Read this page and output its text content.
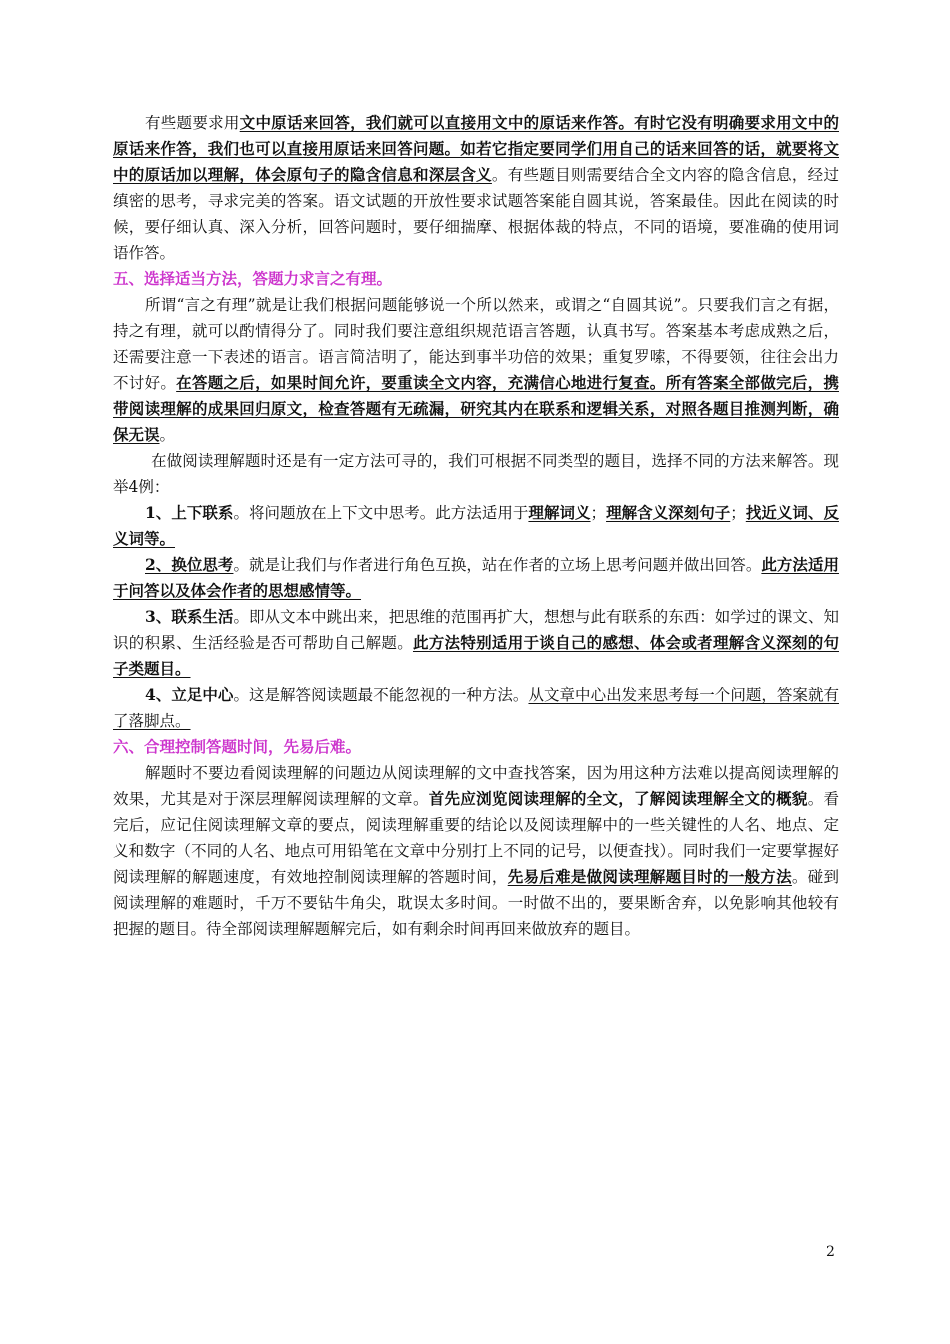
有些题要求用文中原话来回答，我们就可以直接用文中的原话来作答。有时它没有明确要求用文中的原话来作答，我们也可以直接用原话来回答问题。如若它指定要同学们用自己的话来回答的话，就要将文中的原话加以理解，体会原句子的隐含信息和深层含义。有些题目则需要结合全文内容的隐含信息，经过缜密的思考，寻求完美的答案。语文试题的开放性要求试题答案能自圆其说，答案最佳。因此在阅读的时候，要仔细认真、深入分析，回答问题时，要仔细揣摩、根据体裁的特点，不同的语境，要准确的使用词语作答。

五、选择适当方法，答题力求言之有理。

所谓“言之有理”就是让我们根据问题能够说一个所以然来，或谓之“自圆其说”。只要我们言之有据，持之有理，就可以酌情得分了。同时我们要注意组织规范语言答题，认真书写。答案基本考虑成熟之后，还需要注意一下表述的语言。语言简洁明了，能达到事半功倍的效果；重复罗嗦，不得要领，往往会出力不讨好。在答题之后，如果时间允许，要重读全文内容，充满信心地进行复查。所有答案全部做完后，携带阅读理解的成果回归原文，检查答题有无疏漏，研究其内在联系和逻辑关系，对照各题目推测判断，确保无误。

在做阅读理解题时还是有一定方法可寻的，我们可根据不同类型的题目，选择不同的方法来解答。现举4例：

1、上下联系。将问题放在上下文中思考。此方法适用于理解词义；理解含义深刻句子；找近义词、反义词等。

2、换位思考。就是让我们与作者进行角色互换，站在作者的立场上思考问题并做出回答。此方法适用于问答以及体会作者的思想感情等。

3、联系生活。即从文本中跳出来，把思维的范围再扩大，想想与此有联系的东西：如学过的课文、知识的积累、生活经验是否可帮助自己解题。此方法特别适用于谈自己的感想、体会或者理解含义深刻的句子类题目。

4、立足中心。这是解答阅读题最不能忽视的一种方法。从文章中心出发来思考每一个问题，答案就有了落脚点。

六、合理控制答题时间，先易后难。

解题时不要边看阅读理解的问题边从阅读理解的文中查找答案，因为用这种方法难以提高阅读理解的效果，尤其是对于深层理解阅读理解的文章。首先应浏览阅读理解的全文，了解阅读理解全文的概貌。看完后，应记住阅读理解文章的要点，阅读理解重要的结论以及阅读理解中的一些关键性的人名、地点、定义和数字（不同的人名、地点可用铅笔在文章中分别打上不同的记号，以便查找）。同时我们一定要掌握好阅读理解的解题速度，有效地控制阅读理解的答题时间，先易后难是做阅读理解题目时的一般方法。碰到阅读理解的难题时，千万不要钻牛角尖，耽误太多时间。一时做不出的，要果断舍弃，以免影响其他较有把握的题目。待全部阅读理解题解完后，如有剩余时间再回来做放弃的题目。

2
